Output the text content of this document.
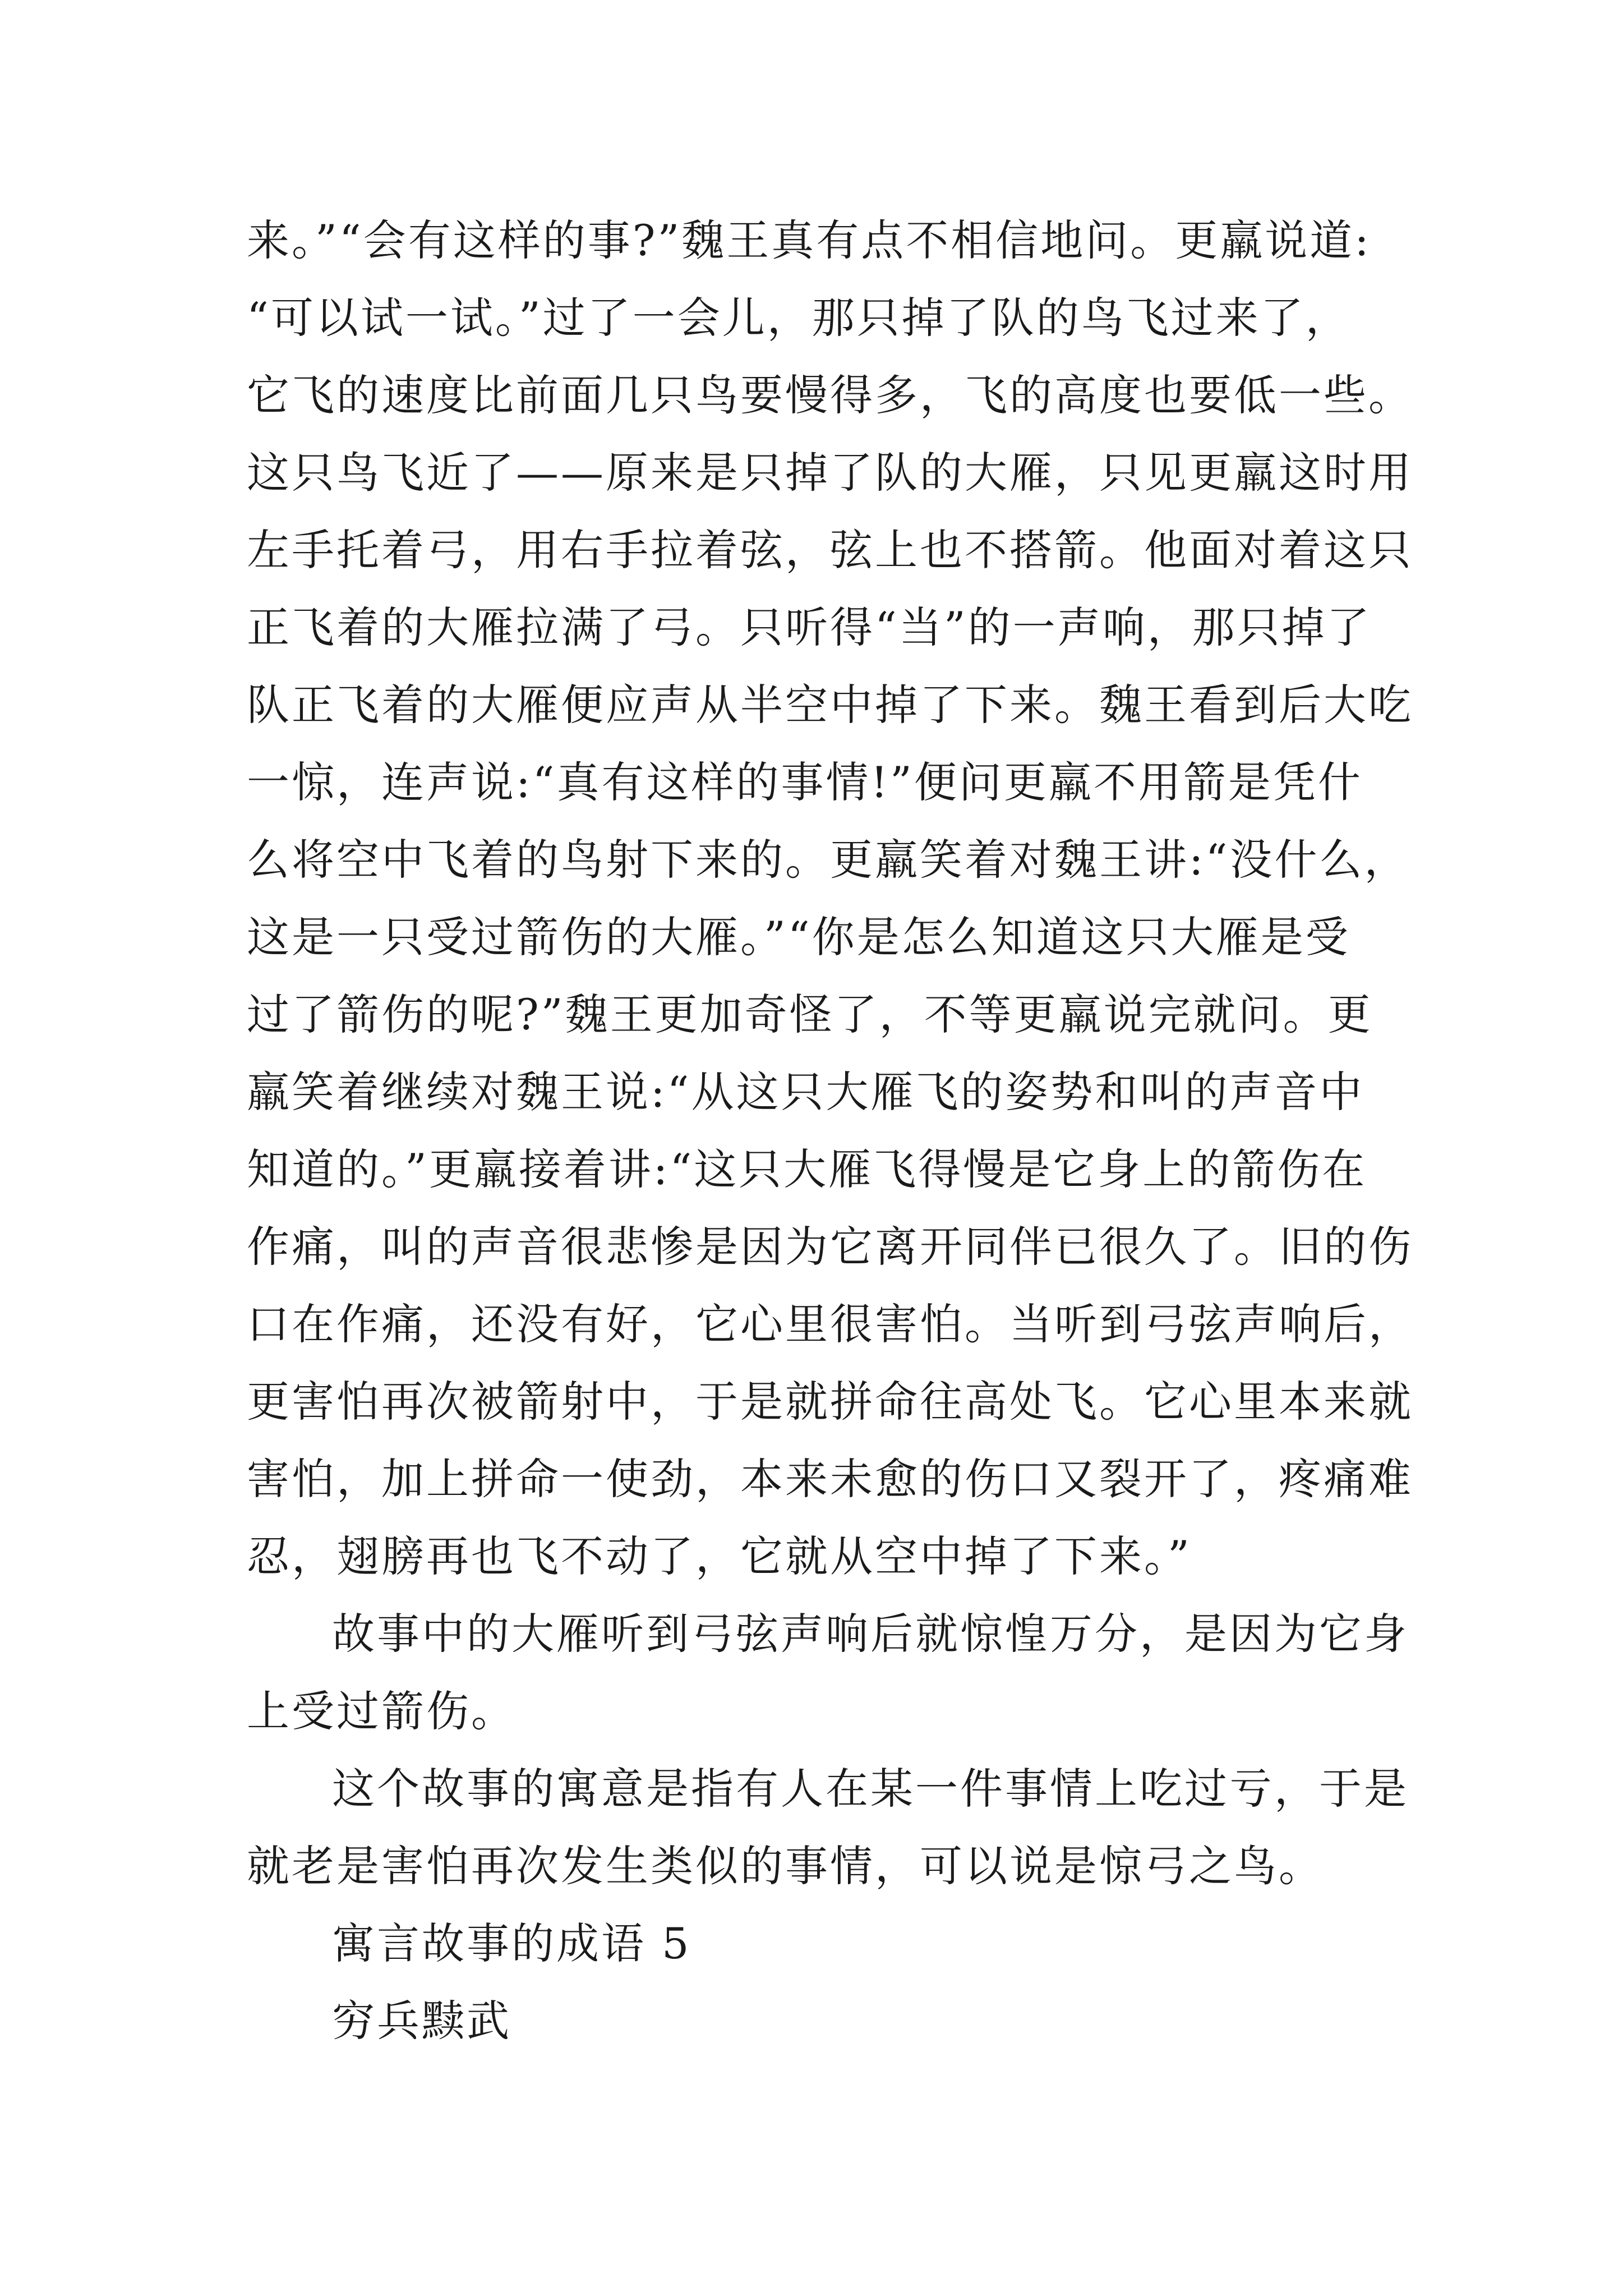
来。”“会有这样的事?”魏王真有点不相信地问。更羸说道:
“可以试一试。”过了一会儿，那只掉了队的鸟飞过来了，
它飞的速度比前面几只鸟要慢得多，飞的高度也要低一些。
这只鸟飞近了——原来是只掉了队的大雁，只见更羸这时用
左手托着弓，用右手拉着弦，弦上也不搭箭。他面对着这只
正飞着的大雁拉满了弓。只听得“当”的一声响，那只掉了
队正飞着的大雁便应声从半空中掉了下来。魏王看到后大吃
一惊，连声说:“真有这样的事情!”便问更羸不用箭是凭什
么将空中飞着的鸟射下来的。更羸笑着对魏王讲:“没什么，
这是一只受过箭伤的大雁。”“你是怎么知道这只大雁是受
过了箭伤的呢?”魏王更加奇怪了，不等更羸说完就问。更
羸笑着继续对魏王说:“从这只大雁飞的姿势和叫的声音中
知道的。”更羸接着讲:“这只大雁飞得慢是它身上的箭伤在
作痛，叫的声音很悲惨是因为它离开同伴已很久了。旧的伤
口在作痛，还没有好，它心里很害怕。当听到弓弦声响后，
更害怕再次被箭射中，于是就拼命往高处飞。它心里本来就
害怕，加上拼命一使劲，本来未愈的伤口又裂开了，疼痛难
忍，翅膀再也飞不动了，它就从空中掉了下来。”
故事中的大雁听到弓弦声响后就惊惶万分，是因为它身
上受过箭伤。
这个故事的寓意是指有人在某一件事情上吃过亏，于是
就老是害怕再次发生类似的事情，可以说是惊弓之鸟。
寓言故事的成语 5
穷兵黩武
